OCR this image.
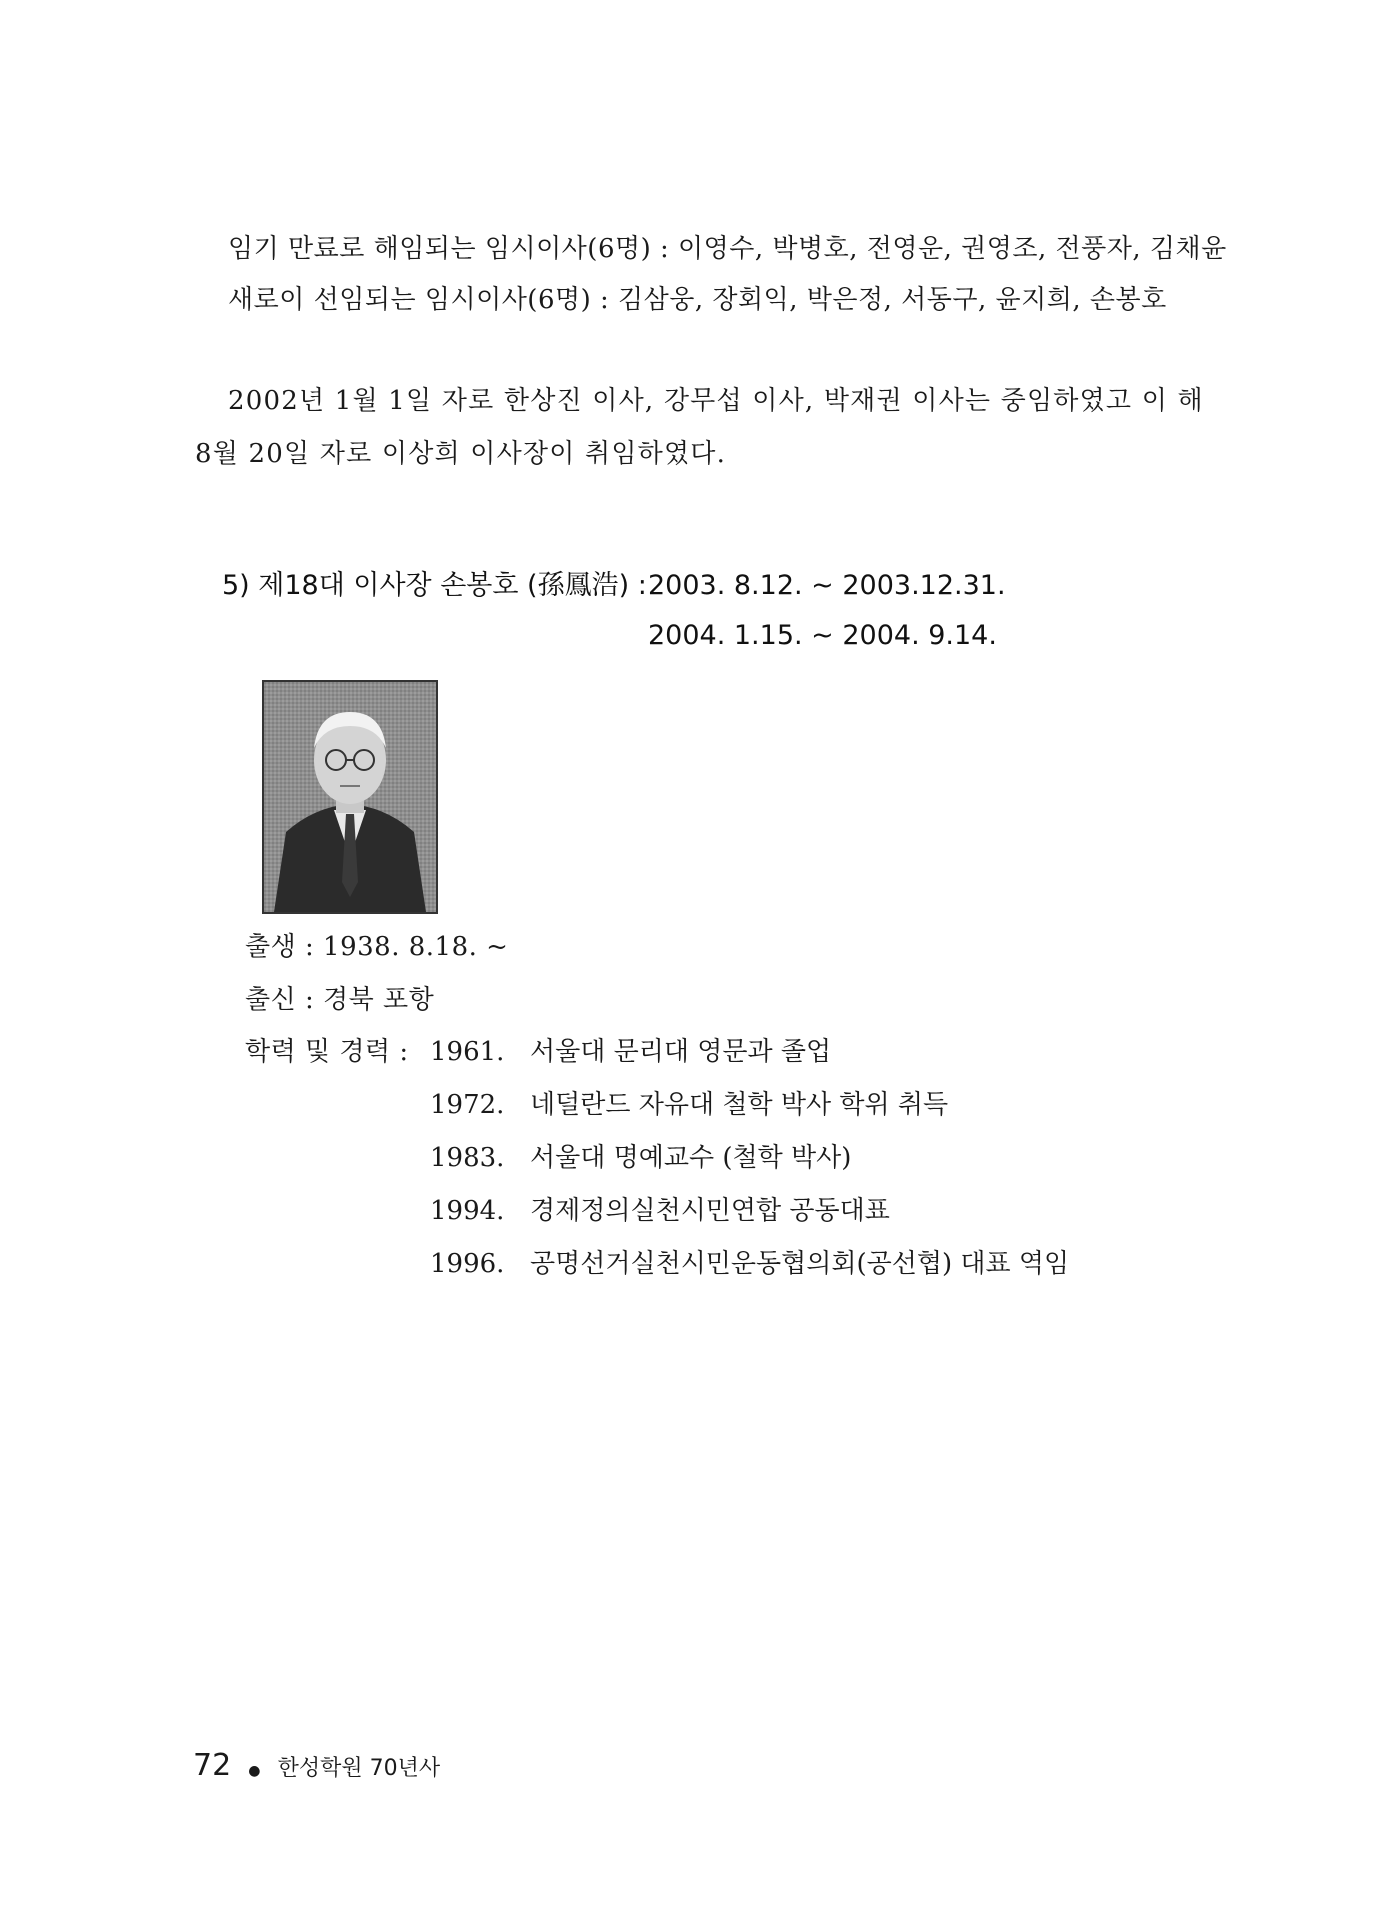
임기 만료로 해임되는 임시이사(6명) : 이영수, 박병호, 전영운, 권영조, 전풍자, 김채윤
새로이 선임되는 임시이사(6명) : 김삼웅, 장회익, 박은정, 서동구, 윤지희, 손봉호
2002년 1월 1일 자로 한상진 이사, 강무섭 이사, 박재권 이사는 중임하였고 이 해
8월 20일 자로 이상희 이사장이 취임하였다.
5) 제18대 이사장 손봉호 (孫鳳浩) : 2003. 8.12. ~ 2003.12.31.
2004. 1.15. ~ 2004. 9.14.
출생 : 1938. 8.18. ~
출신 : 경북 포항
학력 및 경력 : 1961. 서울대 문리대 영문과 졸업
1972. 네덜란드 자유대 철학 박사 학위 취득
1983. 서울대 명예교수 (철학 박사)
1994. 경제정의실천시민연합 공동대표
1996. 공명선거실천시민운동협의회(공선협) 대표 역임
72 ● 한성학원 70년사
